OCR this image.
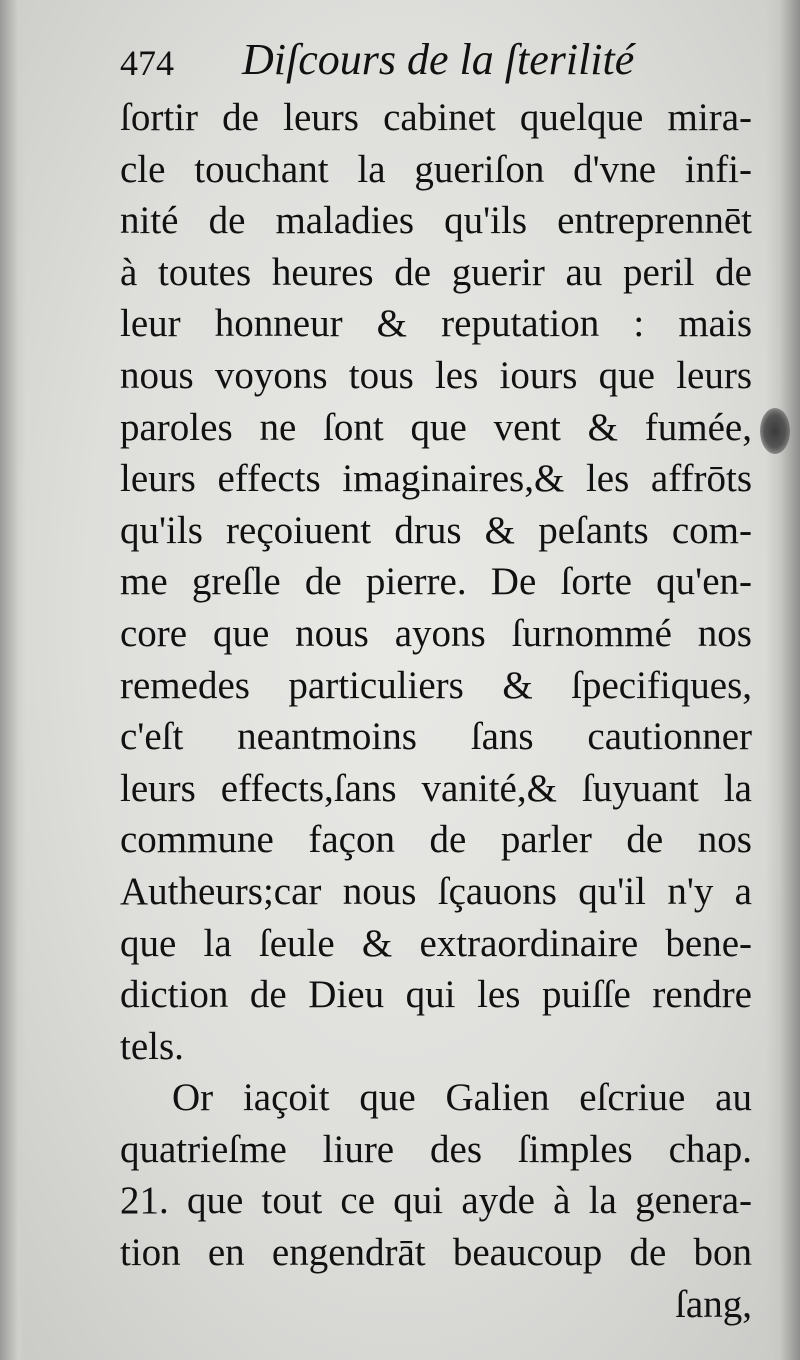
474 Diſcours de la ſterilité
ſortir de leurs cabinet quelque mira-
cle touchant la gueriſon d'vne infi-
nité de maladies qu'ils entreprennēt
à toutes heures de guerir au peril de
leur honneur & reputation : mais
nous voyons tous les iours que leurs
paroles ne ſont que vent & fumée,
leurs effects imaginaires,& les affrōts
qu'ils reçoiuent drus & peſants com-
me greſle de pierre. De ſorte qu'en-
core que nous ayons ſurnommé nos
remedes particuliers & ſpecifiques,
c'eſt neantmoins ſans cautionner
leurs effects,ſans vanité,& ſuyuant la
commune façon de parler de nos
Autheurs;car nous ſçauons qu'il n'y a
que la ſeule & extraordinaire bene-
diction de Dieu qui les puiſſe rendre
tels.
Or iaçoit que Galien eſcriue au
quatrieſme liure des ſimples chap.
21. que tout ce qui ayde à la genera-
tion en engendrāt beaucoup de bon
ſang,
